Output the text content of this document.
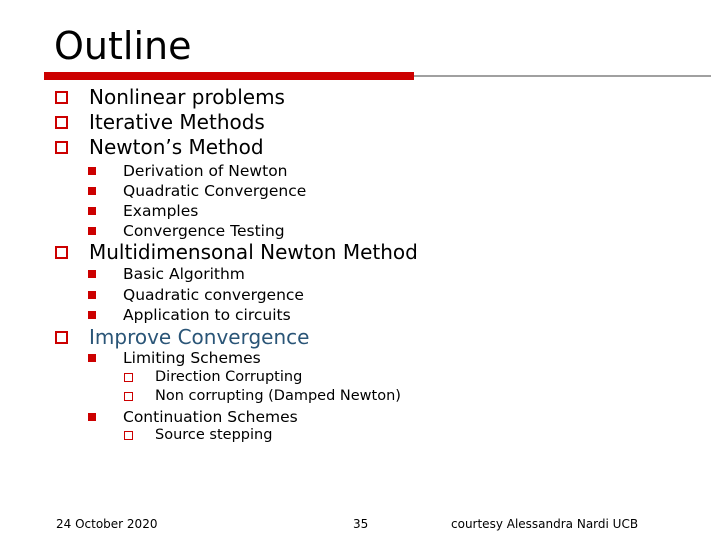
Outline
Nonlinear problems
Iterative Methods
Newton’s Method
Derivation of Newton
Quadratic Convergence
Examples
Convergence Testing
Multidimensonal Newton Method
Basic Algorithm
Quadratic convergence
Application to circuits
Improve Convergence
Limiting Schemes
Direction Corrupting
Non corrupting (Damped Newton)
Continuation Schemes
Source stepping
24 October 2020	35	courtesy Alessandra Nardi UCB
